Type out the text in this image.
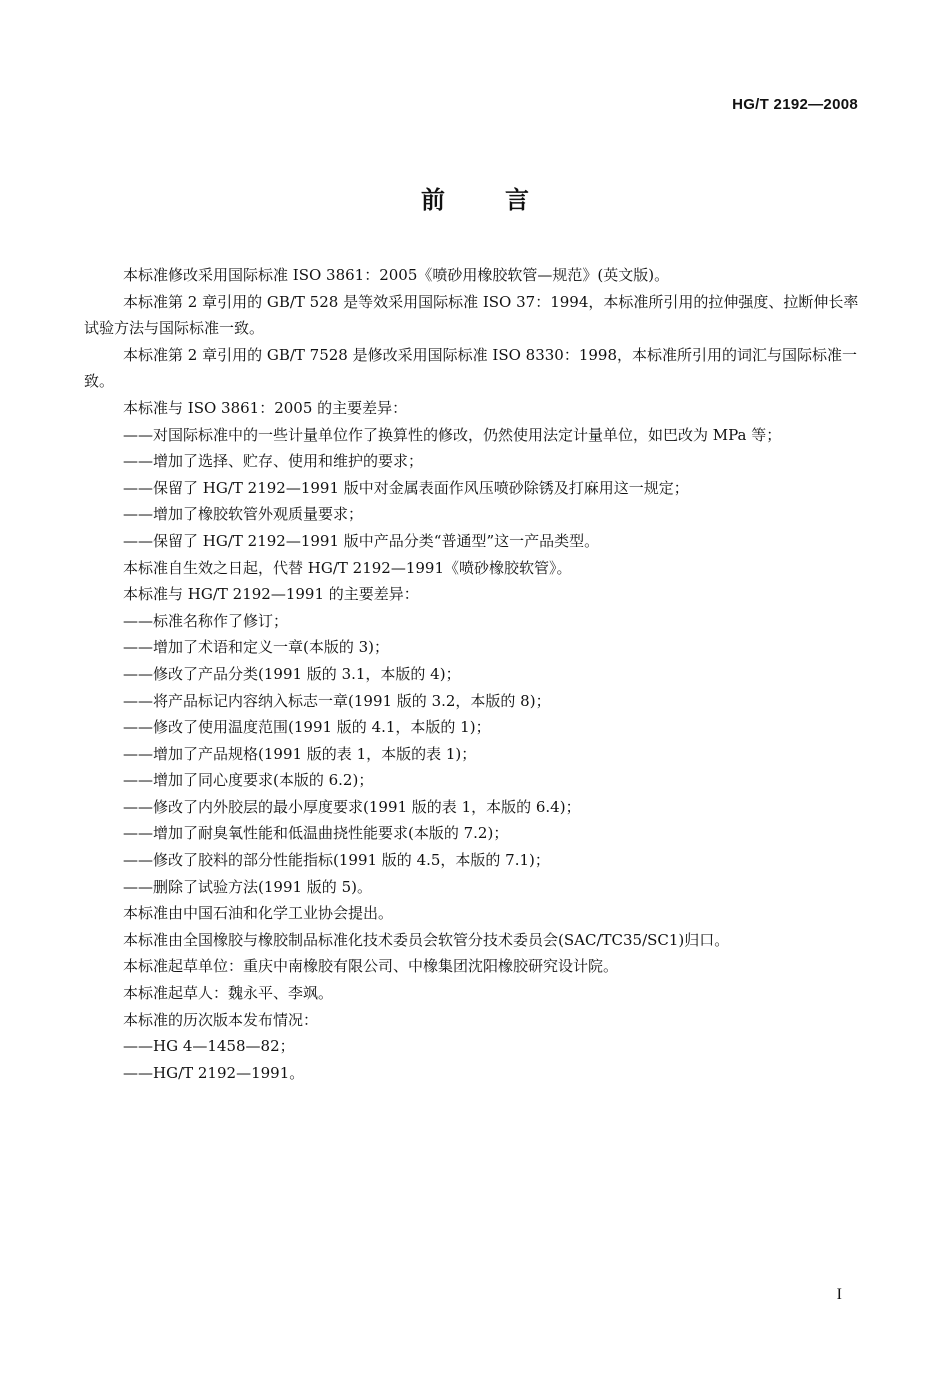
HG/T 2192—2008
前言

本标准修改采用国际标准 ISO 3861：2005《喷砂用橡胶软管—规范》(英文版)。

本标准第 2 章引用的 GB/T 528 是等效采用国际标准 ISO 37：1994，本标准所引用的拉伸强度、拉断伸长率试验方法与国际标准一致。

本标准第 2 章引用的 GB/T 7528 是修改采用国际标准 ISO 8330：1998，本标准所引用的词汇与国际标准一致。

本标准与 ISO 3861：2005 的主要差异：

——对国际标准中的一些计量单位作了换算性的修改，仍然使用法定计量单位，如巴改为 MPa 等；

——增加了选择、贮存、使用和维护的要求；

——保留了 HG/T 2192—1991 版中对金属表面作风压喷砂除锈及打麻用这一规定；

——增加了橡胶软管外观质量要求；

——保留了 HG/T 2192—1991 版中产品分类“普通型”这一产品类型。

本标准自生效之日起，代替 HG/T 2192—1991《喷砂橡胶软管》。

本标准与 HG/T 2192—1991 的主要差异：

——标准名称作了修订；

——增加了术语和定义一章(本版的 3)；

——修改了产品分类(1991 版的 3.1，本版的 4)；

——将产品标记内容纳入标志一章(1991 版的 3.2，本版的 8)；

——修改了使用温度范围(1991 版的 4.1，本版的 1)；

——增加了产品规格(1991 版的表 1，本版的表 1)；

——增加了同心度要求(本版的 6.2)；

——修改了内外胶层的最小厚度要求(1991 版的表 1，本版的 6.4)；

——增加了耐臭氧性能和低温曲挠性能要求(本版的 7.2)；

——修改了胶料的部分性能指标(1991 版的 4.5，本版的 7.1)；

——删除了试验方法(1991 版的 5)。

本标准由中国石油和化学工业协会提出。

本标准由全国橡胶与橡胶制品标准化技术委员会软管分技术委员会(SAC/TC35/SC1)归口。

本标准起草单位：重庆中南橡胶有限公司、中橡集团沈阳橡胶研究设计院。

本标准起草人：魏永平、李飒。

本标准的历次版本发布情况：

——HG 4—1458—82；

——HG/T 2192—1991。

I
